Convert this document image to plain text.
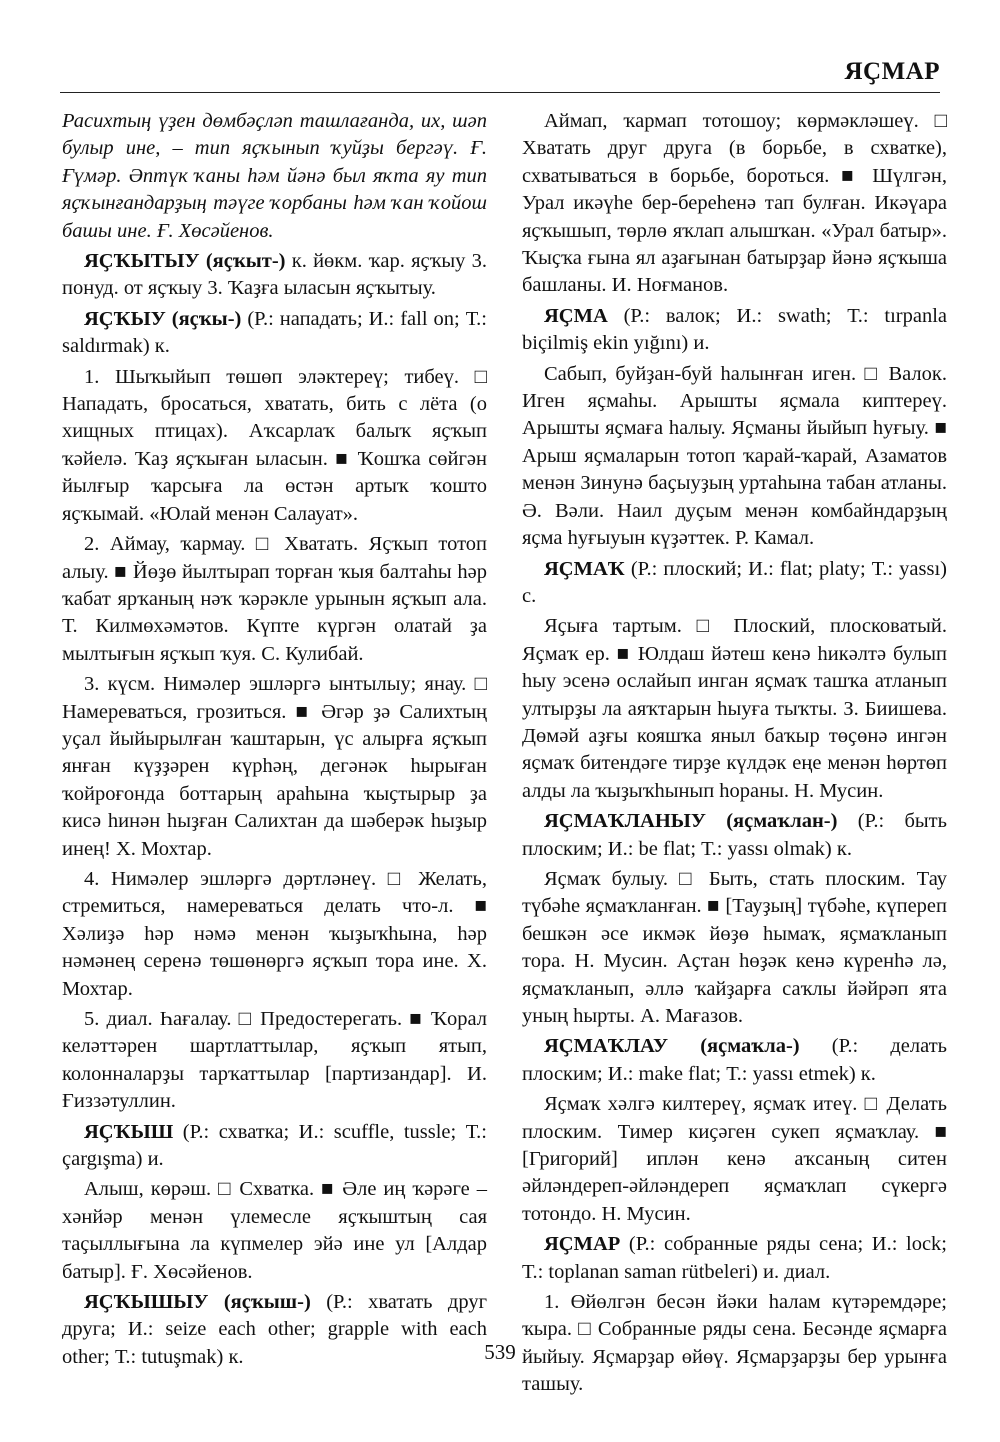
ЯҪМАР

Расихтың үҙен дөмбәҫләп ташлағанда, их, шәп булыр ине, – тип яҫҡынып ҡуйҙы бергәү. Ғ. Ғүмәр. Әптүк ҡаны һәм йәнә был яҡта яу тип яҫҡынғандарҙың тәүге ҡорбаны һәм ҡан ҡойош башы ине. Ғ. Хөсәйенов.

ЯҪҠЫТЫУ (яҫҡыт-) к. йөкм. ҡар. яҫҡыу 3. понуд. от яҫҡыу 3. Ҡаҙға ыласын яҫҡытыу.

ЯҪҠЫУ (яҫҡы-) (Р.: нападать; И.: fall on; Т.: saldırmak) к.

1. Шыҡыйып төшөп эләктереү; тибеү. □ Нападать, бросаться, хватать, бить с лёта (о хищных птицах). Аҡсарлаҡ балыҡ яҫҡып ҡәйелә. Ҡаҙ яҫҡыған ыласын. ■ Ҡошҡа сөйгән йылғыр ҡарсыға ла өстән артыҡ ҡошто яҫҡымай. «Юлай менән Салауат».

2. Аймау, ҡармау. □ Хватать. Яҫҡып тотоп алыу. ■ Йөҙө йылтырап торған ҡыя балтаһы һәр ҡабат ярҡаның нәҡ ҡәрәкле урынын яҫҡып ала. Т. Килмөхәмәтов. Күпте күргән олатай ҙа мылтығын яҫҡып ҡуя. С. Кулибай.

3. күсм. Нимәлер эшләргә ынтылыу; янау. □ Намереваться, грозиться. ■ Әгәр ҙә Салихтың уҫал йыйырылған ҡаштарын, үс алырға яҫҡып янған күҙҙәрен күрһәң, дегәнәк һырыған ҡойроғонда боттарың араһына ҡыҫтырыр ҙа кисә һинән һыҙған Салихтан да шәберәк һыҙыр инең! Х. Мохтар.

4. Нимәлер эшләргә дәртләнеү. □ Желать, стремиться, намереваться делать что-л. ■ Хәлиҙә һәр нәмә менән ҡыҙыҡһына, һәр нәмәнең серенә төшөнөргә яҫҡып тора ине. Х. Мохтар.

5. диал. Һағалау. □ Предостерегать. ■ Ҡорал келәттәрен шартлаттылар, яҫҡып ятып, колонналарҙы тарҡаттылар [партизандар]. И. Ғиззәтуллин.

ЯҪҠЫШ (Р.: схватка; И.: scuffle, tussle; Т.: çargışma) и.

Алыш, көрәш. □ Схватка. ■ Әле иң ҡәрәге – хәнйәр менән үлемесле яҫҡыштың сая таҫыллығына ла күпмелер эйә ине ул [Алдар батыр]. Ғ. Хөсәйенов.

ЯҪҠЫШЫУ (яҫҡыш-) (Р.: хватать друг друга; И.: seize each other; grapple with each other; Т.: tutuşmak) к.

Аймап, ҡармап тотошоу; көрмәкләшеү. □ Хватать друг друга (в борьбе, в схватке), схватываться в борьбе, бороться. ■ Шүлгән, Урал икәүһе бер-береһенә тап булған. Икәүара яҫҡышып, төрлө яҡлап алышҡан. «Урал батыр». Ҡыҫҡа ғына ял аҙағынан батырҙар йәнә яҫҡыша башланы. И. Ноғманов.

ЯҪМА (Р.: валок; И.: swath; Т.: tırpanla biçilmiş ekin yığını) и.

Сабып, буйҙан-буй һалынған иген. □ Валок. Иген яҫмаһы. Арышты яҫмала киптереү. Арышты яҫмаға һалыу. Яҫманы йыйып һуғыу. ■ Арыш яҫмаларын тотоп ҡарай-ҡарай, Азаматов менән Зинунә баҫыуҙың уртаһына табан атланы. Ә. Вәли. Наил дуҫым менән комбайндарҙың яҫма һуғыуын күҙәттек. Р. Камал.

ЯҪМАҠ (Р.: плоский; И.: flat; platy; Т.: yassı) с.

Яҫыға тартым. □ Плоский, плосковатый. Яҫмаҡ ер. ■ Юлдаш йәтеш кенә һикәлтә булып һыу эсенә ослайып инган яҫмаҡ ташҡа атланып ултырҙы ла аяҡтарын һыуға тыҡты. З. Биишева. Дөмәй аҙғы кояшҡа яныл баҡыр төҫөнә ингән яҫмаҡ битендәге тирҙе күлдәк еңе менән һөртөп алды ла ҡыҙыҡһынып һораны. Н. Мусин.

ЯҪМАҠЛАНЫУ (яҫмаҡлан-) (Р.: быть плоским; И.: be flat; Т.: yassı olmak) к.

Яҫмаҡ булыу. □ Быть, стать плоским. Тау түбәһе яҫмаҡланған. ■ [Тауҙың] түбәһе, күпереп бешкән әсе икмәк йөҙө һымаҡ, яҫмаҡланып тора. Н. Мусин. Аҫтан һөҙәк кенә күренһә лә, яҫмаҡланып, әллә ҡайҙарға саҡлы йәйрәп ята уның һырты. А. Мағазов.

ЯҪМАҠЛАУ (яҫмаҡла-) (Р.: делать плоским; И.: make flat; Т.: yassı etmek) к.

Яҫмаҡ хәлгә килтереү, яҫмаҡ итеү. □ Делать плоским. Тимер киҫәген сукеп яҫмаҡлау. ■ [Григорий] иплән кенә аҡсаның ситен әйләндереп-әйләндереп яҫмаҡлап сүкергә тотондо. Н. Мусин.

ЯҪМАР (Р.: собранные ряды сена; И.: lock; Т.: toplanan saman rütbeleri) и. диал.

1. Өйөлгән бесән йәки һалам күтәремдәре; ҡыра. □ Собранные ряды сена. Бесәнде яҫмарға йыйыу. Яҫмарҙар өйөү. Яҫмарҙарҙы бер урынға ташыу.

539
